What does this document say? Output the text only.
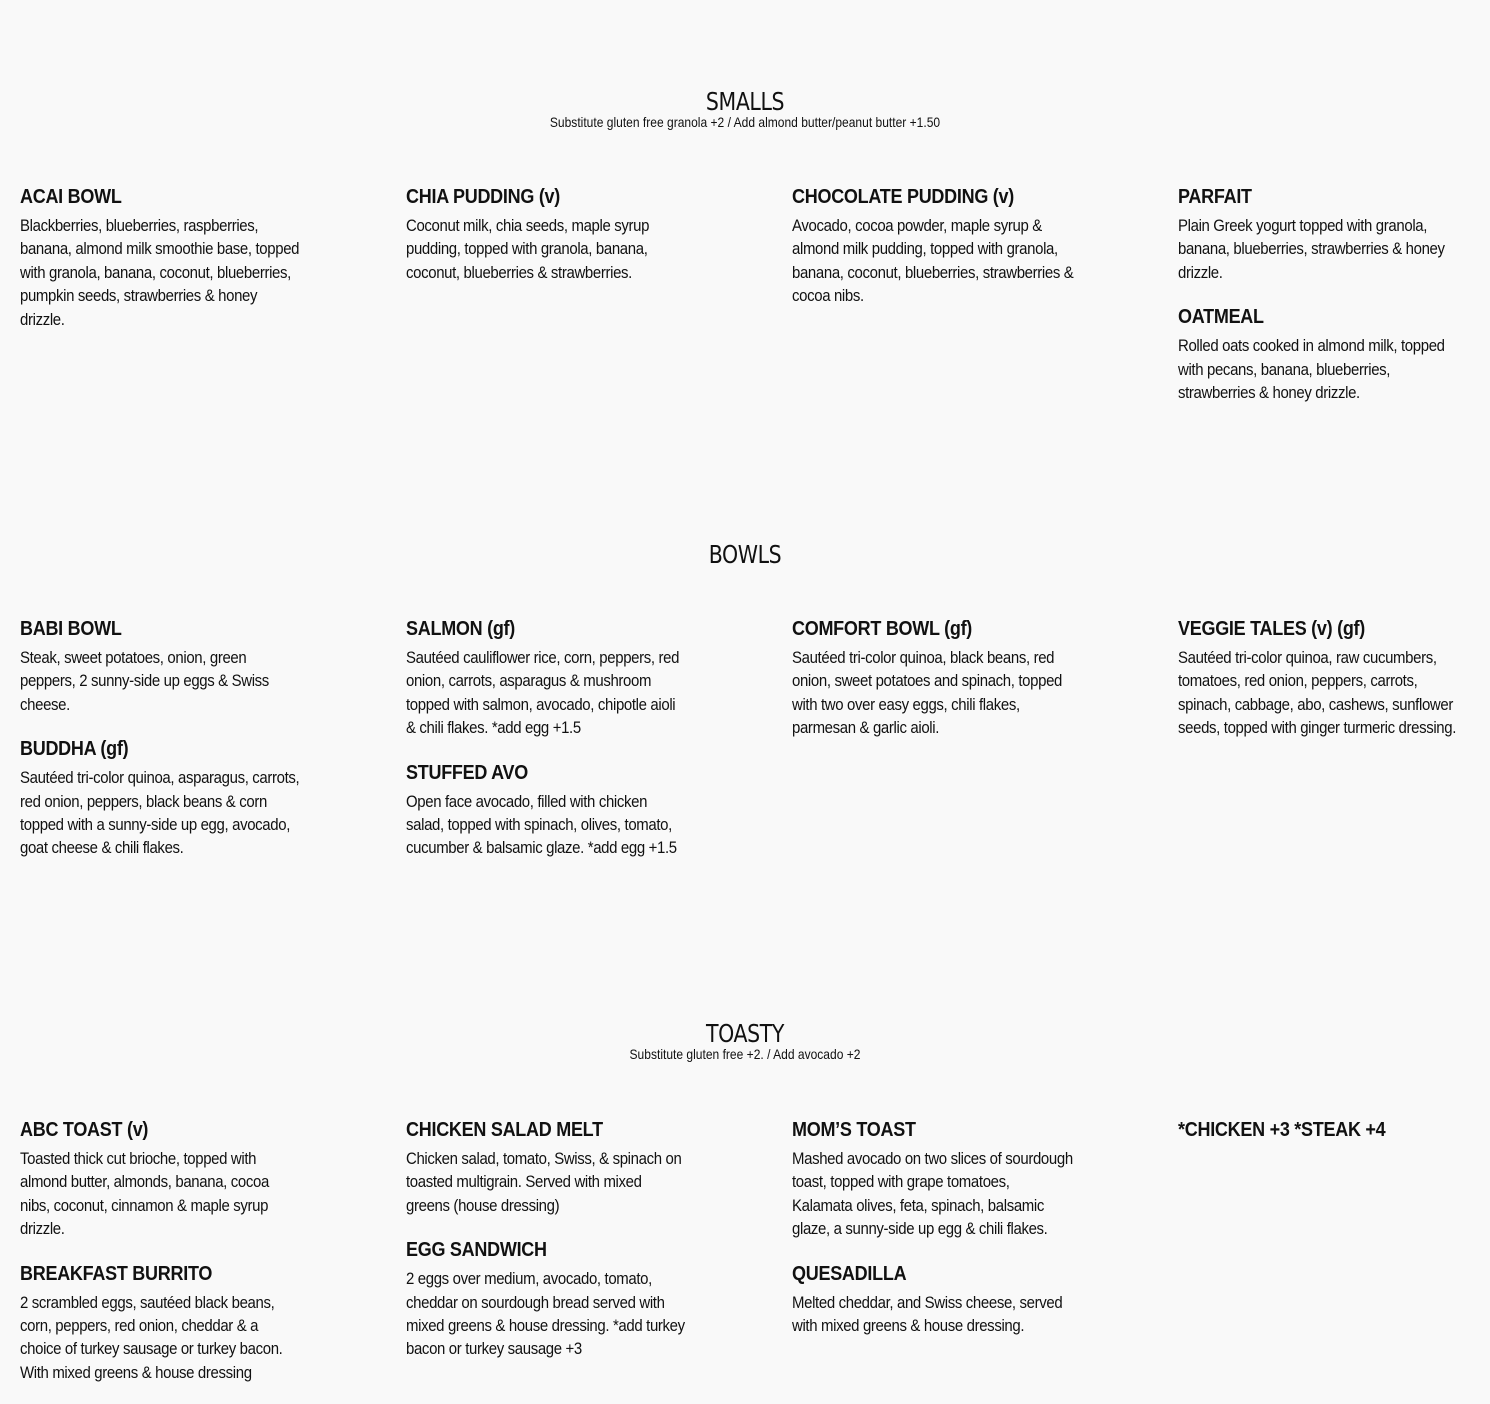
SMALLS
Substitute gluten free granola +2 / Add almond butter/peanut butter +1.50
ACAI BOWL
Blackberries, blueberries, raspberries, banana, almond milk smoothie base, topped with granola, banana, coconut, blueberries, pumpkin seeds, strawberries & honey drizzle.
CHIA PUDDING (v)
Coconut milk, chia seeds, maple syrup pudding, topped with granola, banana, coconut, blueberries & strawberries.
CHOCOLATE PUDDING (v)
Avocado, cocoa powder, maple syrup & almond milk pudding, topped with granola, banana, coconut, blueberries, strawberries & cocoa nibs.
PARFAIT
Plain Greek yogurt topped with granola, banana, blueberries, strawberries & honey drizzle.
OATMEAL
Rolled oats cooked in almond milk, topped with pecans, banana, blueberries, strawberries & honey drizzle.
BOWLS
BABI BOWL
Steak, sweet potatoes, onion, green peppers, 2 sunny-side up eggs & Swiss cheese.
BUDDHA (gf)
Sautéed tri-color quinoa, asparagus, carrots, red onion, peppers, black beans & corn topped with a sunny-side up egg, avocado, goat cheese & chili flakes.
SALMON (gf)
Sautéed cauliflower rice, corn, peppers, red onion, carrots, asparagus & mushroom topped with salmon, avocado, chipotle aioli & chili flakes. *add egg +1.5
STUFFED AVO
Open face avocado, filled with chicken salad, topped with spinach, olives, tomato, cucumber & balsamic glaze. *add egg +1.5
COMFORT BOWL (gf)
Sautéed tri-color quinoa, black beans, red onion, sweet potatoes and spinach, topped with two over easy eggs, chili flakes, parmesan & garlic aioli.
VEGGIE TALES (v) (gf)
Sautéed tri-color quinoa, raw cucumbers, tomatoes, red onion, peppers, carrots, spinach, cabbage, abo, cashews, sunflower seeds, topped with ginger turmeric dressing.
TOASTY
Substitute gluten free +2. / Add avocado +2
ABC TOAST (v)
Toasted thick cut brioche, topped with almond butter, almonds, banana, cocoa nibs, coconut, cinnamon & maple syrup drizzle.
BREAKFAST BURRITO
2 scrambled eggs, sautéed black beans, corn, peppers, red onion, cheddar & a choice of turkey sausage or turkey bacon. With mixed greens & house dressing
CHICKEN SALAD MELT
Chicken salad, tomato, Swiss, & spinach on toasted multigrain. Served with mixed greens (house dressing)
EGG SANDWICH
2 eggs over medium, avocado, tomato, cheddar on sourdough bread served with mixed greens & house dressing. *add turkey bacon or turkey sausage +3
MOM’S TOAST
Mashed avocado on two slices of sourdough toast, topped with grape tomatoes, Kalamata olives, feta, spinach, balsamic glaze, a sunny-side up egg & chili flakes.
QUESADILLA
Melted cheddar, and Swiss cheese, served with mixed greens & house dressing.
*CHICKEN +3 *STEAK +4
